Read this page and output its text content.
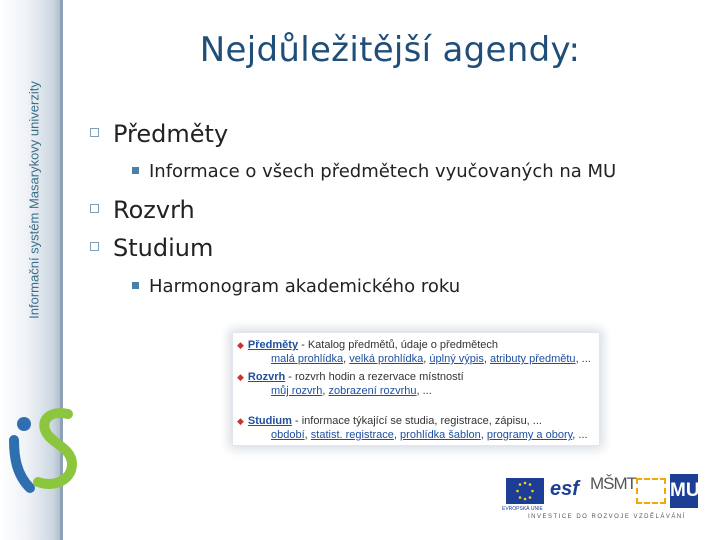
Informační systém Masarykovy univerzity
Nejdůležitější agendy:
Předměty
Informace o všech předmětech vyučovaných na MU
Rozvrh
Studium
Harmonogram akademického roku
◆ Předměty - Katalog předmětů, údaje o předmětech
malá prohlídka, velká prohlídka, úplný výpis, atributy předmětu, ...
◆ Rozvrh - rozvrh hodin a rezervace místností
můj rozvrh, zobrazení rozvrhu, ...
◆ Studium - informace týkající se studia, registrace, zápisu, ...
období, statist. registrace, prohlídka šablon, programy a obory, ...
EVROPSKÁ UNIE
esf MŠMT MU
INVESTICE DO ROZVOJE VZDĚLÁVÁNÍ
